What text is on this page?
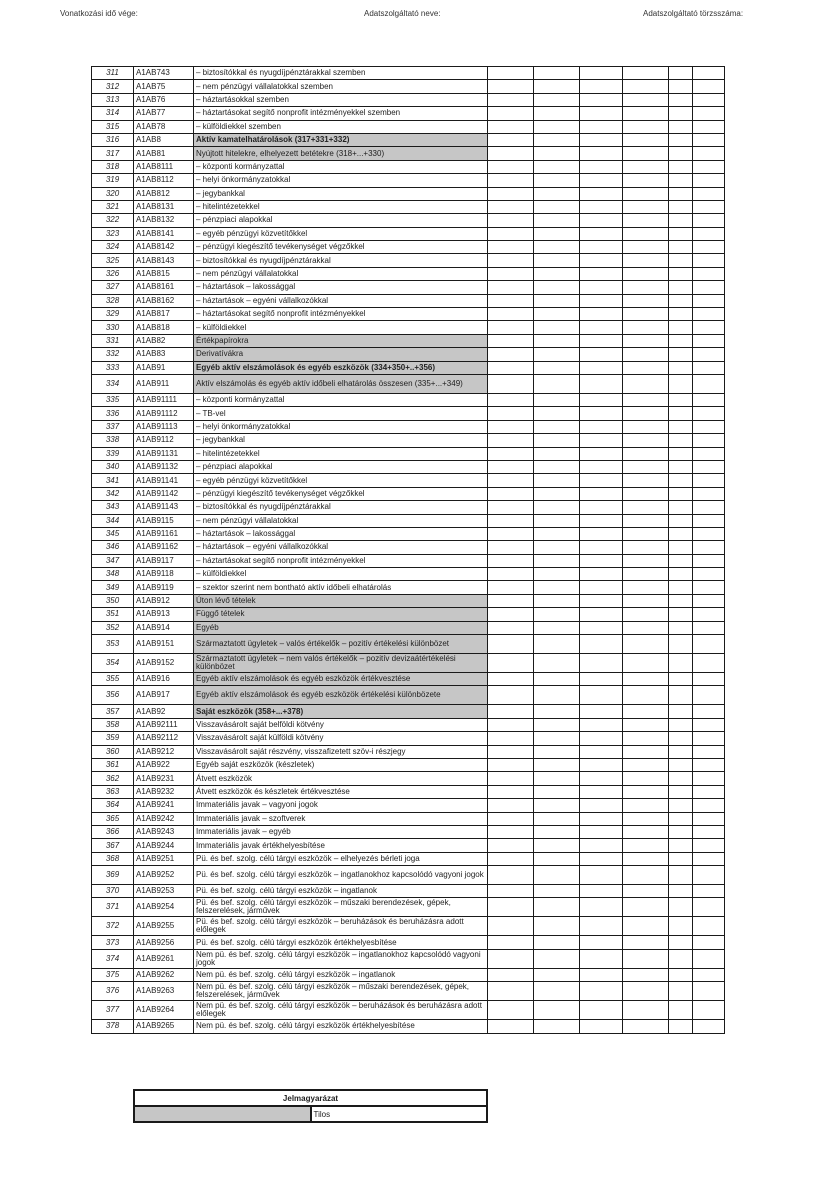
Vonatkozási idő vége:	Adatszolgáltató neve:	Adatszolgáltató törzsszáma:
311	A1AB743	– biztosítókkal és nyugdíjpénztárakkal szemben						
312	A1AB75	– nem pénzügyi vállalatokkal szemben						
313	A1AB76	– háztartásokkal szemben						
314	A1AB77	– háztartásokat segítő nonprofit intézményekkel szemben						
315	A1AB78	– külföldiekkel szemben						
316	A1AB8	Aktív kamatelhatárolások (317+331+332)						
317	A1AB81	Nyújtott hitelekre, elhelyezett betétekre (318+...+330)						
318	A1AB8111	– központi kormányzattal						
319	A1AB8112	– helyi önkormányzatokkal						
320	A1AB812	– jegybankkal						
321	A1AB8131	– hitelintézetekkel						
322	A1AB8132	– pénzpiaci alapokkal						
323	A1AB8141	– egyéb pénzügyi közvetítőkkel						
324	A1AB8142	– pénzügyi kiegészítő tevékenységet végzőkkel						
325	A1AB8143	– biztosítókkal és nyugdíjpénztárakkal						
326	A1AB815	– nem pénzügyi vállalatokkal						
327	A1AB8161	– háztartások – lakossággal						
328	A1AB8162	– háztartások – egyéni vállalkozókkal						
329	A1AB817	– háztartásokat segítő nonprofit intézményekkel						
330	A1AB818	– külföldiekkel						
331	A1AB82	Értékpapírokra						
332	A1AB83	Derivatívákra						
333	A1AB91	Egyéb aktív elszámolások és egyéb eszközök (334+350+..+356)						
334	A1AB911	Aktív elszámolás és egyéb aktív időbeli elhatárolás összesen (335+...+349)						
335	A1AB91111	– központi kormányzattal						
336	A1AB91112	– TB-vel						
337	A1AB91113	– helyi önkormányzatokkal						
338	A1AB9112	– jegybankkal						
339	A1AB91131	– hitelintézetekkel						
340	A1AB91132	– pénzpiaci alapokkal						
341	A1AB91141	– egyéb pénzügyi közvetítőkkel						
342	A1AB91142	– pénzügyi kiegészítő tevékenységet végzőkkel						
343	A1AB91143	– biztosítókkal és nyugdíjpénztárakkal						
344	A1AB9115	– nem pénzügyi vállalatokkal						
345	A1AB91161	– háztartások – lakossággal						
346	A1AB91162	– háztartások – egyéni vállalkozókkal						
347	A1AB9117	– háztartásokat segítő nonprofit intézményekkel						
348	A1AB9118	– külföldiekkel						
349	A1AB9119	– szektor szerint nem bontható aktív időbeli elhatárolás						
350	A1AB912	Úton lévő tételek						
351	A1AB913	Függő tételek						
352	A1AB914	Egyéb						
353	A1AB9151	Származtatott ügyletek – valós értékelők – pozitív értékelési különbözet						
354	A1AB9152	Származtatott ügyletek – nem valós értékelők – pozitív devizaátértékelési különbözet						
355	A1AB916	Egyéb aktív elszámolások és egyéb eszközök értékvesztése						
356	A1AB917	Egyéb aktív elszámolások és egyéb eszközök értékelési különbözete						
357	A1AB92	Saját eszközök (358+...+378)						
358	A1AB92111	Visszavásárolt saját belföldi kötvény						
359	A1AB92112	Visszavásárolt saját külföldi kötvény						
360	A1AB9212	Visszavásárolt saját részvény, visszafizetett szöv-i részjegy						
361	A1AB922	Egyéb saját eszközök (készletek)						
362	A1AB9231	Átvett eszközök						
363	A1AB9232	Átvett eszközök és készletek értékvesztése						
364	A1AB9241	Immateriális javak – vagyoni jogok						
365	A1AB9242	Immateriális javak – szoftverek						
366	A1AB9243	Immateriális javak – egyéb						
367	A1AB9244	Immateriális javak értékhelyesbítése						
368	A1AB9251	Pü. és bef. szolg. célú tárgyi eszközök – elhelyezés bérleti joga						
369	A1AB9252	Pü. és bef. szolg. célú tárgyi eszközök – ingatlanokhoz kapcsolódó vagyoni jogok						
370	A1AB9253	Pü. és bef. szolg. célú tárgyi eszközök – ingatlanok						
371	A1AB9254	Pü. és bef. szolg. célú tárgyi eszközök – műszaki berendezések, gépek, felszerelések, járművek						
372	A1AB9255	Pü. és bef. szolg. célú tárgyi eszközök – beruházások és beruházásra adott előlegek						
373	A1AB9256	Pü. és bef. szolg. célú tárgyi eszközök értékhelyesbítése						
374	A1AB9261	Nem pü. és bef. szolg. célú tárgyi eszközök – ingatlanokhoz kapcsolódó vagyoni jogok						
375	A1AB9262	Nem pü. és bef. szolg. célú tárgyi eszközök – ingatlanok						
376	A1AB9263	Nem pü. és bef. szolg. célú tárgyi eszközök – műszaki berendezések, gépek, felszerelések, járművek						
377	A1AB9264	Nem pü. és bef. szolg. célú tárgyi eszközök – beruházások és beruházásra adott előlegek						
378	A1AB9265	Nem pü. és bef. szolg. célú tárgyi eszközök értékhelyesbítése						
Jelmagyarázat
	Tilos
